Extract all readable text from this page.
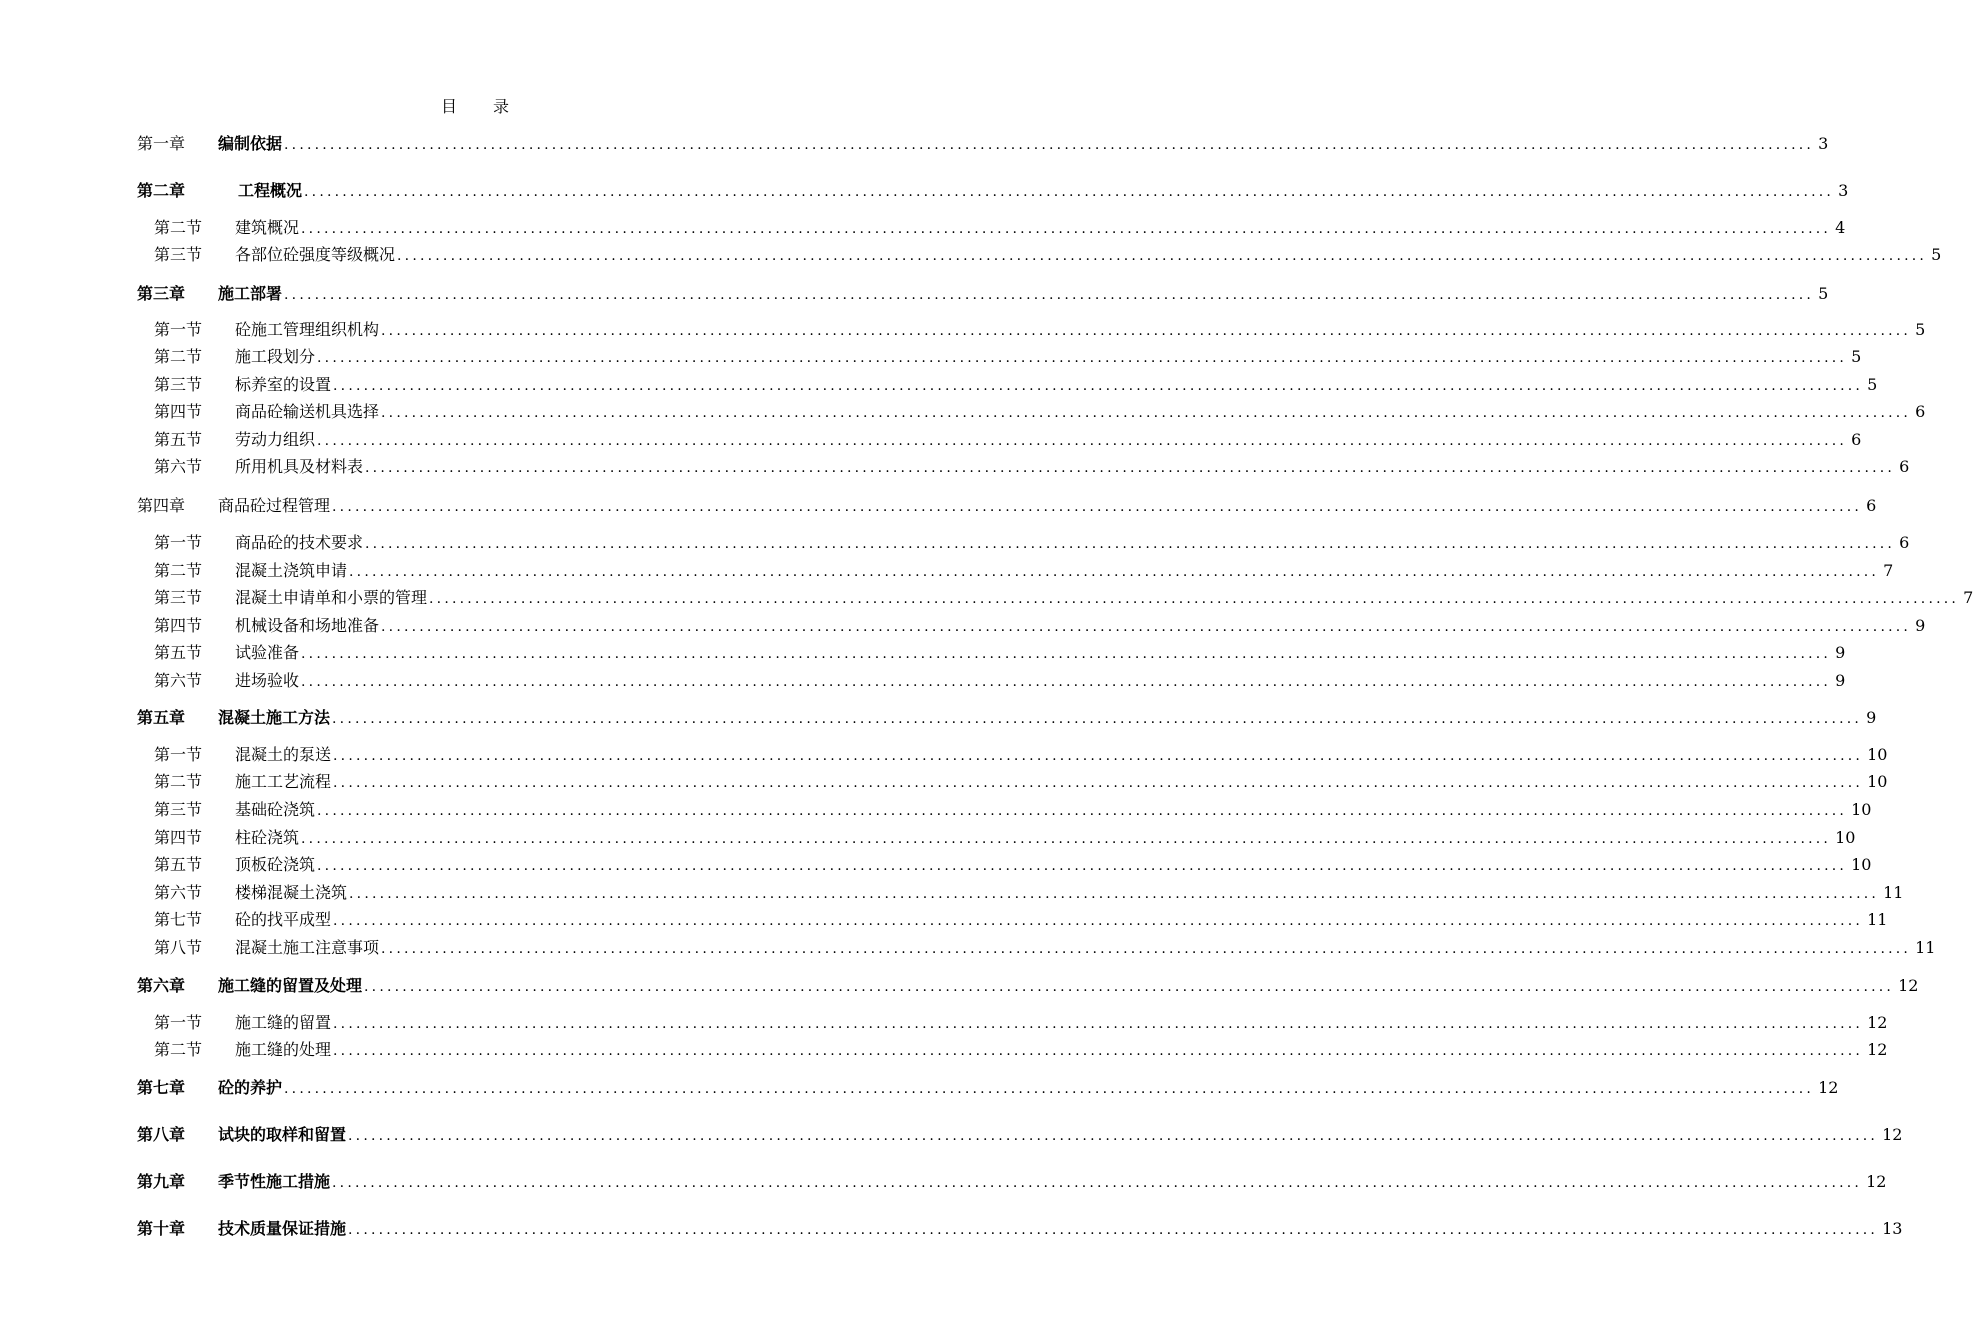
目 录
第一章	编制依据 ........................................................................................................................................................................................................ 3
第二章	工程概况 ........................................................................................................................................................................................................ 3
第二节	建筑概况 ........................................................................................................................................................................................................ 4
第三节	各部位砼强度等级概况 ........................................................................................................................................................................................................ 5
第三章	施工部署 ........................................................................................................................................................................................................ 5
第一节	砼施工管理组织机构 ........................................................................................................................................................................................................ 5
第二节	施工段划分 ........................................................................................................................................................................................................ 5
第三节	标养室的设置 ........................................................................................................................................................................................................ 5
第四节	商品砼输送机具选择 ........................................................................................................................................................................................................ 6
第五节	劳动力组织 ........................................................................................................................................................................................................ 6
第六节	所用机具及材料表 ........................................................................................................................................................................................................ 6
第四章	商品砼过程管理 ........................................................................................................................................................................................................ 6
第一节	商品砼的技术要求 ........................................................................................................................................................................................................ 6
第二节	混凝土浇筑申请 ........................................................................................................................................................................................................ 7
第三节	混凝土申请单和小票的管理 ........................................................................................................................................................................................................ 7
第四节	机械设备和场地准备 ........................................................................................................................................................................................................ 9
第五节	试验准备 ........................................................................................................................................................................................................ 9
第六节	进场验收 ........................................................................................................................................................................................................ 9
第五章	混凝土施工方法 ........................................................................................................................................................................................................ 9
第一节	混凝土的泵送 ........................................................................................................................................................................................................ 10
第二节	施工工艺流程 ........................................................................................................................................................................................................ 10
第三节	基础砼浇筑 ........................................................................................................................................................................................................ 10
第四节	柱砼浇筑 ........................................................................................................................................................................................................ 10
第五节	顶板砼浇筑 ........................................................................................................................................................................................................ 10
第六节	楼梯混凝土浇筑 ........................................................................................................................................................................................................ 11
第七节	砼的找平成型 ........................................................................................................................................................................................................ 11
第八节	混凝土施工注意事项 ........................................................................................................................................................................................................ 11
第六章	施工缝的留置及处理 ........................................................................................................................................................................................................ 12
第一节	施工缝的留置 ........................................................................................................................................................................................................ 12
第二节	施工缝的处理 ........................................................................................................................................................................................................ 12
第七章	砼的养护 ........................................................................................................................................................................................................ 12
第八章	试块的取样和留置 ........................................................................................................................................................................................................ 12
第九章	季节性施工措施 ........................................................................................................................................................................................................ 12
第十章	技术质量保证措施 ........................................................................................................................................................................................................ 13
